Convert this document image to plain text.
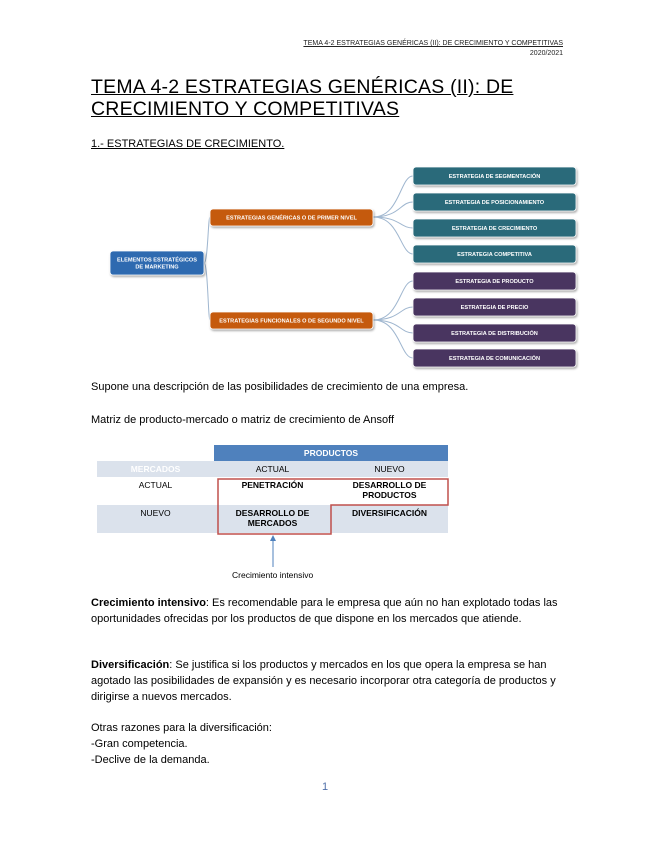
TEMA 4-2 ESTRATEGIAS GENÉRICAS (II): DE CRECIMIENTO Y COMPETITIVAS
2020/2021
TEMA 4-2 ESTRATEGIAS GENÉRICAS (II): DE
CRECIMIENTO Y COMPETITIVAS
1.- ESTRATEGIAS DE CRECIMIENTO.
ELEMENTOS ESTRATÉGICOS
DE MARKETING
ESTRATEGIAS GENÉRICAS O DE PRIMER NIVEL
ESTRATEGIAS FUNCIONALES O DE SEGUNDO NIVEL
ESTRATEGIA DE SEGMENTACIÓN
ESTRATEGIA DE POSICIONAMIENTO
ESTRATEGIA DE CRECIMIENTO
ESTRATEGIA COMPETITIVA
ESTRATEGIA DE PRODUCTO
ESTRATEGIA DE PRECIO
ESTRATEGIA DE DISTRIBUCIÓN
ESTRATEGIA DE COMUNICACIÓN

Supone una descripción de las posibilidades de crecimiento de una empresa.

Matriz de producto-mercado o matriz de crecimiento de Ansoff

	PRODUCTOS	
MERCADOS	ACTUAL	NUEVO
ACTUAL	PENETRACIÓN	DESARROLLO DE PRODUCTOS
NUEVO	DESARROLLO DE MERCADOS	DIVERSIFICACIÓN
Crecimiento intensivo

Crecimiento intensivo: Es recomendable para le empresa que aún no han explotado todas las oportunidades ofrecidas por los productos de que dispone en los mercados que atiende.

Diversificación: Se justifica si los productos y mercados en los que opera la empresa se han agotado las posibilidades de expansión y es necesario incorporar otra categoría de productos y dirigirse a nuevos mercados.

Otras razones para la diversificación:
-Gran competencia.
-Declive de la demanda.
1
